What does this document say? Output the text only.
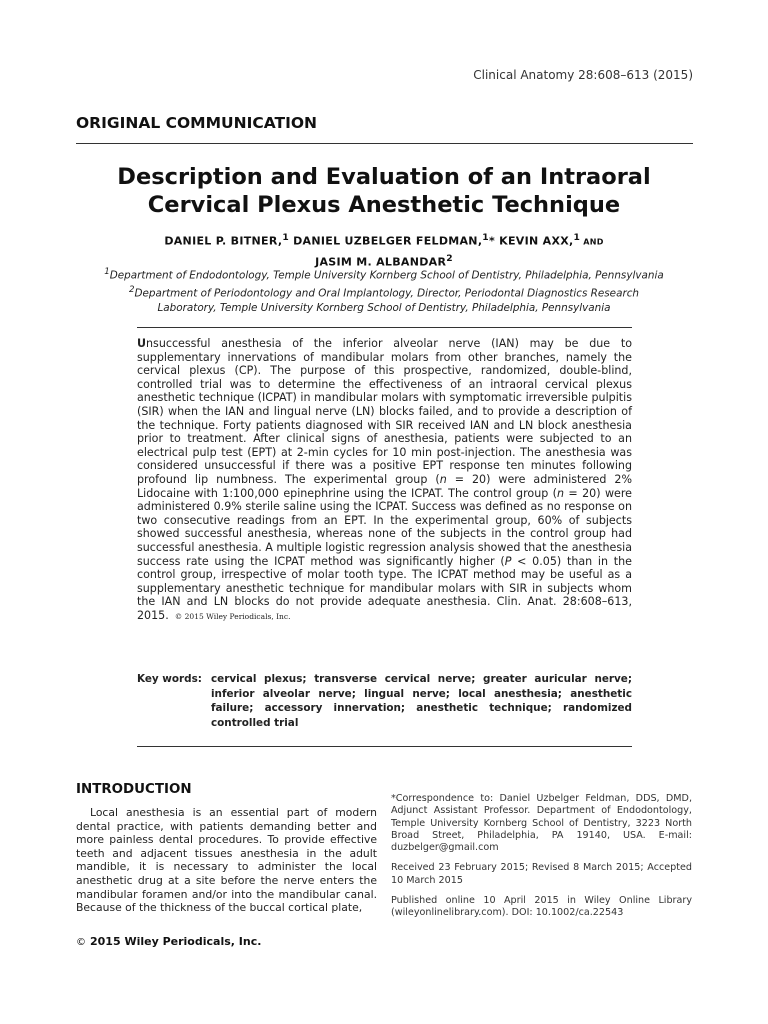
Clinical Anatomy 28:608–613 (2015)
ORIGINAL COMMUNICATION
Description and Evaluation of an Intraoral
Cervical Plexus Anesthetic Technique
DANIEL P. BITNER,$^1$ DANIEL UZBELGER FELDMAN,$^1$* KEVIN AXX,$^1$ AND
JASIM M. ALBANDAR$^2$
$^1$Department of Endodontology, Temple University Kornberg School of Dentistry, Philadelphia, Pennsylvania
$^2$Department of Periodontology and Oral Implantology, Director, Periodontal Diagnostics Research
Laboratory, Temple University Kornberg School of Dentistry, Philadelphia, Pennsylvania
Unsuccessful anesthesia of the inferior alveolar nerve (IAN) may be due to supplementary innervations of mandibular molars from other branches, namely the cervical plexus (CP). The purpose of this prospective, randomized, double-blind, controlled trial was to determine the effectiveness of an intraoral cervical plexus anesthetic technique (ICPAT) in mandibular molars with symptomatic irreversible pulpitis (SIR) when the IAN and lingual nerve (LN) blocks failed, and to provide a description of the technique. Forty patients diagnosed with SIR received IAN and LN block anesthesia prior to treatment. After clinical signs of anesthesia, patients were subjected to an electrical pulp test (EPT) at 2-min cycles for 10 min post-injection. The anesthesia was considered unsuccessful if there was a positive EPT response ten minutes following profound lip numbness. The experimental group (n = 20) were administered 2% Lidocaine with 1:100,000 epinephrine using the ICPAT. The control group (n = 20) were administered 0.9% sterile saline using the ICPAT. Success was defined as no response on two consecutive readings from an EPT. In the experimental group, 60% of subjects showed successful anesthesia, whereas none of the subjects in the control group had successful anesthesia. A multiple logistic regression analysis showed that the anesthesia success rate using the ICPAT method was significantly higher (P < 0.05) than in the control group, irrespective of molar tooth type. The ICPAT method may be useful as a supplementary anesthetic technique for mandibular molars with SIR in subjects whom the IAN and LN blocks do not provide adequate anesthesia. Clin. Anat. 28:608–613, 2015. © 2015 Wiley Periodicals, Inc.
Key words: cervical plexus; transverse cervical nerve; greater auricular nerve; inferior alveolar nerve; lingual nerve; local anesthesia; anesthetic failure; accessory innervation; anesthetic technique; randomized controlled trial
INTRODUCTION
Local anesthesia is an essential part of modern dental practice, with patients demanding better and more painless dental procedures. To provide effective teeth and adjacent tissues anesthesia in the adult mandible, it is necessary to administer the local anesthetic drug at a site before the nerve enters the mandibular foramen and/or into the mandibular canal. Because of the thickness of the buccal cortical plate,

*Correspondence to: Daniel Uzbelger Feldman, DDS, DMD, Adjunct Assistant Professor. Department of Endodontology, Temple University Kornberg School of Dentistry, 3223 North Broad Street, Philadelphia, PA 19140, USA. E-mail: duzbelger@gmail.com

Received 23 February 2015; Revised 8 March 2015; Accepted 10 March 2015

Published online 10 April 2015 in Wiley Online Library (wileyonlinelibrary.com). DOI: 10.1002/ca.22543

© 2015 Wiley Periodicals, Inc.
